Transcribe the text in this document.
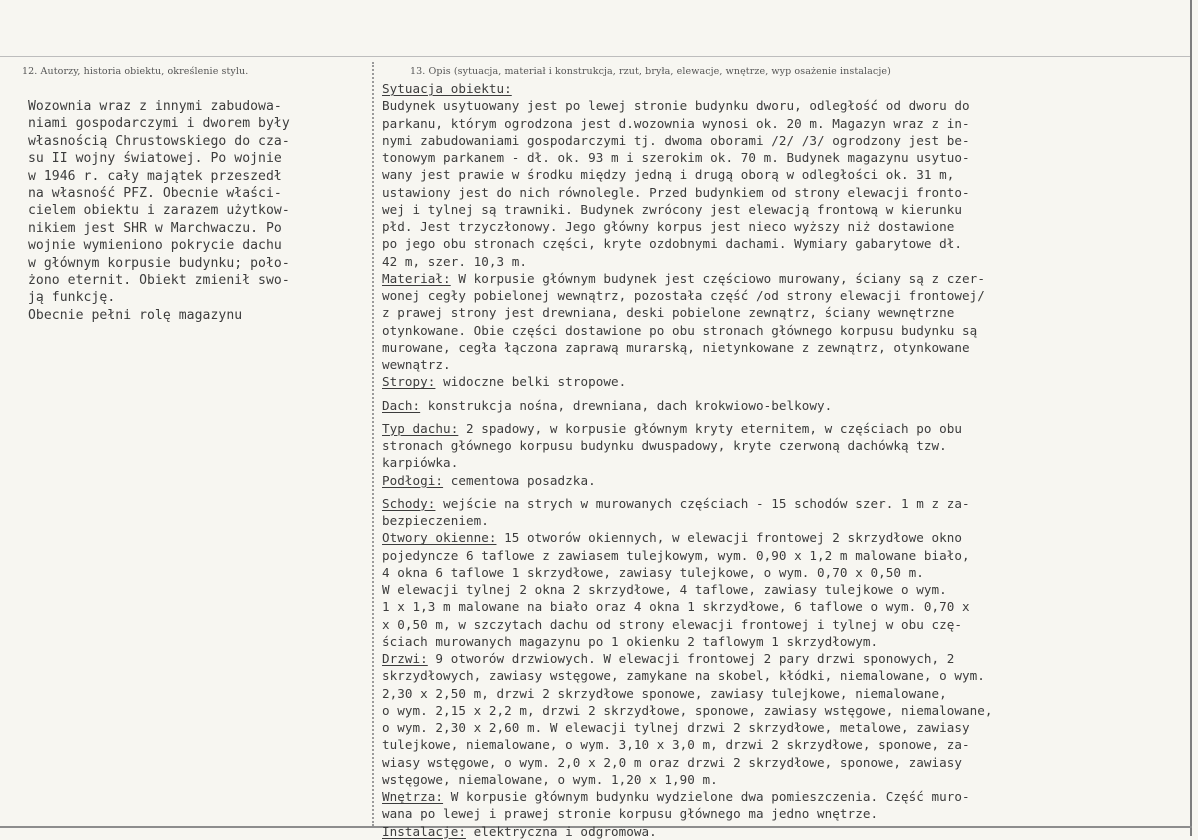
12. Autorzy, historia obiektu, określenie stylu.	13. Opis (sytuacja, materiał i konstrukcja, rzut, bryła, elewacje, wnętrze, wyp osażenie instalacje)
Wozownia wraz z innymi zabudowa-
niami gospodarczymi i dworem były
własnością Chrustowskiego do cza-
su II wojny światowej. Po wojnie
w 1946 r. cały majątek przeszedł
na własność PFZ. Obecnie właści-
cielem obiektu i zarazem użytkow-
nikiem jest SHR w Marchwaczu. Po
wojnie wymieniono pokrycie dachu
w głównym korpusie budynku; poło-
żono eternit. Obiekt zmienił swo-
ją funkcję.
Obecnie pełni rolę magazynu
Sytuacja obiektu:
Budynek usytuowany jest po lewej stronie budynku dworu, odległość od dworu do
parkanu, którym ogrodzona jest d.wozownia wynosi ok. 20 m. Magazyn wraz z in-
nymi zabudowaniami gospodarczymi tj. dwoma oborami /2/ /3/ ogrodzony jest be-
tonowym parkanem - dł. ok. 93 m i szerokim ok. 70 m. Budynek magazynu usytuo-
wany jest prawie w środku między jedną i drugą oborą w odległości ok. 31 m,
ustawiony jest do nich równolegle. Przed budynkiem od strony elewacji fronto-
wej i tylnej są trawniki. Budynek zwrócony jest elewacją frontową w kierunku
płd. Jest trzyczłonowy. Jego główny korpus jest nieco wyższy niż dostawione
po jego obu stronach części, kryte ozdobnymi dachami. Wymiary gabarytowe dł.
42 m, szer. 10,3 m.
Materiał: W korpusie głównym budynek jest częściowo murowany, ściany są z czer-
wonej cegły pobielonej wewnątrz, pozostała część /od strony elewacji frontowej/
z prawej strony jest drewniana, deski pobielone zewnątrz, ściany wewnętrzne
otynkowane. Obie części dostawione po obu stronach głównego korpusu budynku są
murowane, cegła łączona zaprawą murarską, nietynkowane z zewnątrz, otynkowane
wewnątrz.
Stropy: widoczne belki stropowe.
Dach: konstrukcja nośna, drewniana, dach krokwiowo-belkowy.
Typ dachu: 2 spadowy, w korpusie głównym kryty eternitem, w częściach po obu
stronach głównego korpusu budynku dwuspadowy, kryte czerwoną dachówką tzw.
karpiówka.
Podłogi: cementowa posadzka.
Schody: wejście na strych w murowanych częściach - 15 schodów szer. 1 m z za-
bezpieczeniem.
Otwory okienne: 15 otworów okiennych, w elewacji frontowej 2 skrzydłowe okno
pojedyncze 6 taflowe z zawiasem tulejkowym, wym. 0,90 x 1,2 m malowane biało,
4 okna 6 taflowe 1 skrzydłowe, zawiasy tulejkowe, o wym. 0,70 x 0,50 m.
W elewacji tylnej 2 okna 2 skrzydłowe, 4 taflowe, zawiasy tulejkowe o wym.
1 x 1,3 m malowane na biało oraz 4 okna 1 skrzydłowe, 6 taflowe o wym. 0,70 x
x 0,50 m, w szczytach dachu od strony elewacji frontowej i tylnej w obu czę-
ściach murowanych magazynu po 1 okienku 2 taflowym 1 skrzydłowym.
Drzwi: 9 otworów drzwiowych. W elewacji frontowej 2 pary drzwi sponowych, 2
skrzydłowych, zawiasy wstęgowe, zamykane na skobel, kłódki, niemalowane, o wym.
2,30 x 2,50 m, drzwi 2 skrzydłowe sponowe, zawiasy tulejkowe, niemalowane,
o wym. 2,15 x 2,2 m, drzwi 2 skrzydłowe, sponowe, zawiasy wstęgowe, niemalowane,
o wym. 2,30 x 2,60 m. W elewacji tylnej drzwi 2 skrzydłowe, metalowe, zawiasy
tulejkowe, niemalowane, o wym. 3,10 x 3,0 m, drzwi 2 skrzydłowe, sponowe, za-
wiasy wstęgowe, o wym. 2,0 x 2,0 m oraz drzwi 2 skrzydłowe, sponowe, zawiasy
wstęgowe, niemalowane, o wym. 1,20 x 1,90 m.
Wnętrza: W korpusie głównym budynku wydzielone dwa pomieszczenia. Część muro-
wana po lewej i prawej stronie korpusu głównego ma jedno wnętrze.
Instalacje: elektryczna i odgromowa.
